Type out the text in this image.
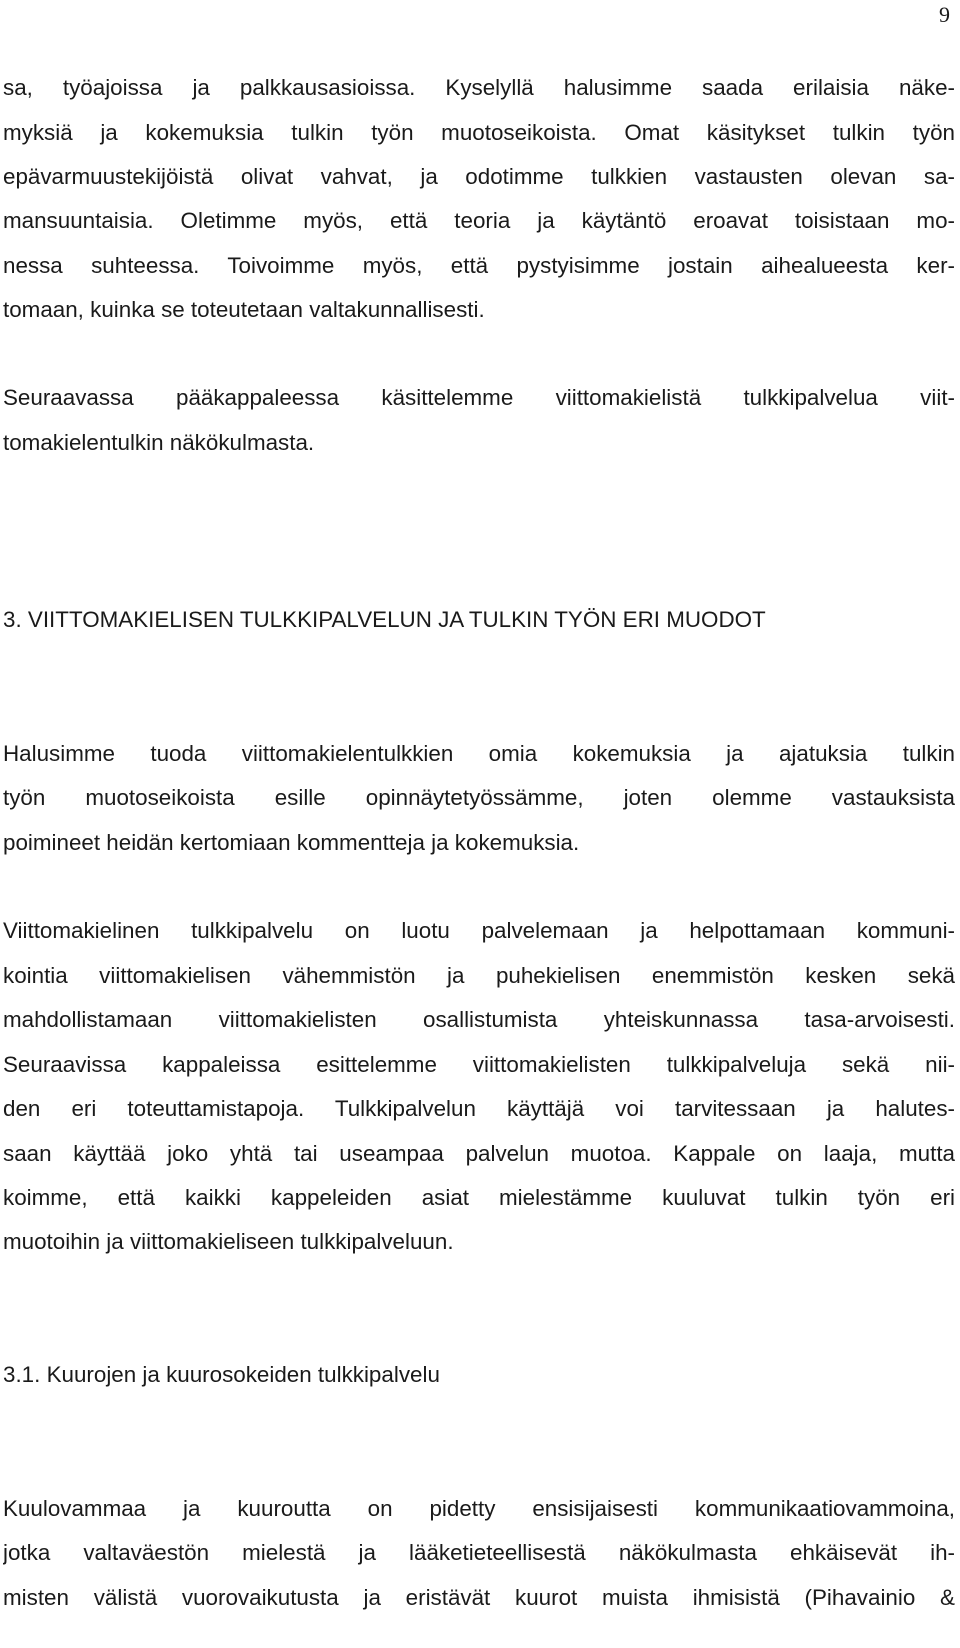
9
sa, työajoissa ja palkkausasioissa. Kyselyllä halusimme saada erilaisia näke-
myksiä ja kokemuksia tulkin työn muotoseikoista. Omat käsitykset tulkin työn
epävarmuustekijöistä olivat vahvat, ja odotimme tulkkien vastausten olevan sa-
mansuuntaisia. Oletimme myös, että teoria ja käytäntö eroavat toisistaan mo-
nessa suhteessa. Toivoimme myös, että pystyisimme jostain aihealueesta ker-
tomaan, kuinka se toteutetaan valtakunnallisesti.
Seuraavassa pääkappaleessa käsittelemme viittomakielistä tulkkipalvelua viit-
tomakielentulkin näkökulmasta.
3. VIITTOMAKIELISEN TULKKIPALVELUN JA TULKIN TYÖN ERI MUODOT
Halusimme tuoda viittomakielentulkkien omia kokemuksia ja ajatuksia tulkin
työn muotoseikoista esille opinnäytetyössämme, joten olemme vastauksista
poimineet heidän kertomiaan kommentteja ja kokemuksia.
Viittomakielinen tulkkipalvelu on luotu palvelemaan ja helpottamaan kommuni-
kointia viittomakielisen vähemmistön ja puhekielisen enemmistön kesken sekä
mahdollistamaan viittomakielisten osallistumista yhteiskunnassa tasa-arvoisesti.
Seuraavissa kappaleissa esittelemme viittomakielisten tulkkipalveluja sekä nii-
den eri toteuttamistapoja. Tulkkipalvelun käyttäjä voi tarvitessaan ja halutes-
saan käyttää joko yhtä tai useampaa palvelun muotoa. Kappale on laaja, mutta
koimme, että kaikki kappeleiden asiat mielestämme kuuluvat tulkin työn eri
muotoihin ja viittomakieliseen tulkkipalveluun.
3.1. Kuurojen ja kuurosokeiden tulkkipalvelu
Kuulovammaa ja kuuroutta on pidetty ensisijaisesti kommunikaatiovammoina,
jotka valtaväestön mielestä ja lääketieteellisestä näkökulmasta ehkäisevät ih-
misten välistä vuorovaikutusta ja eristävät kuurot muista ihmisistä (Pihavainio &
